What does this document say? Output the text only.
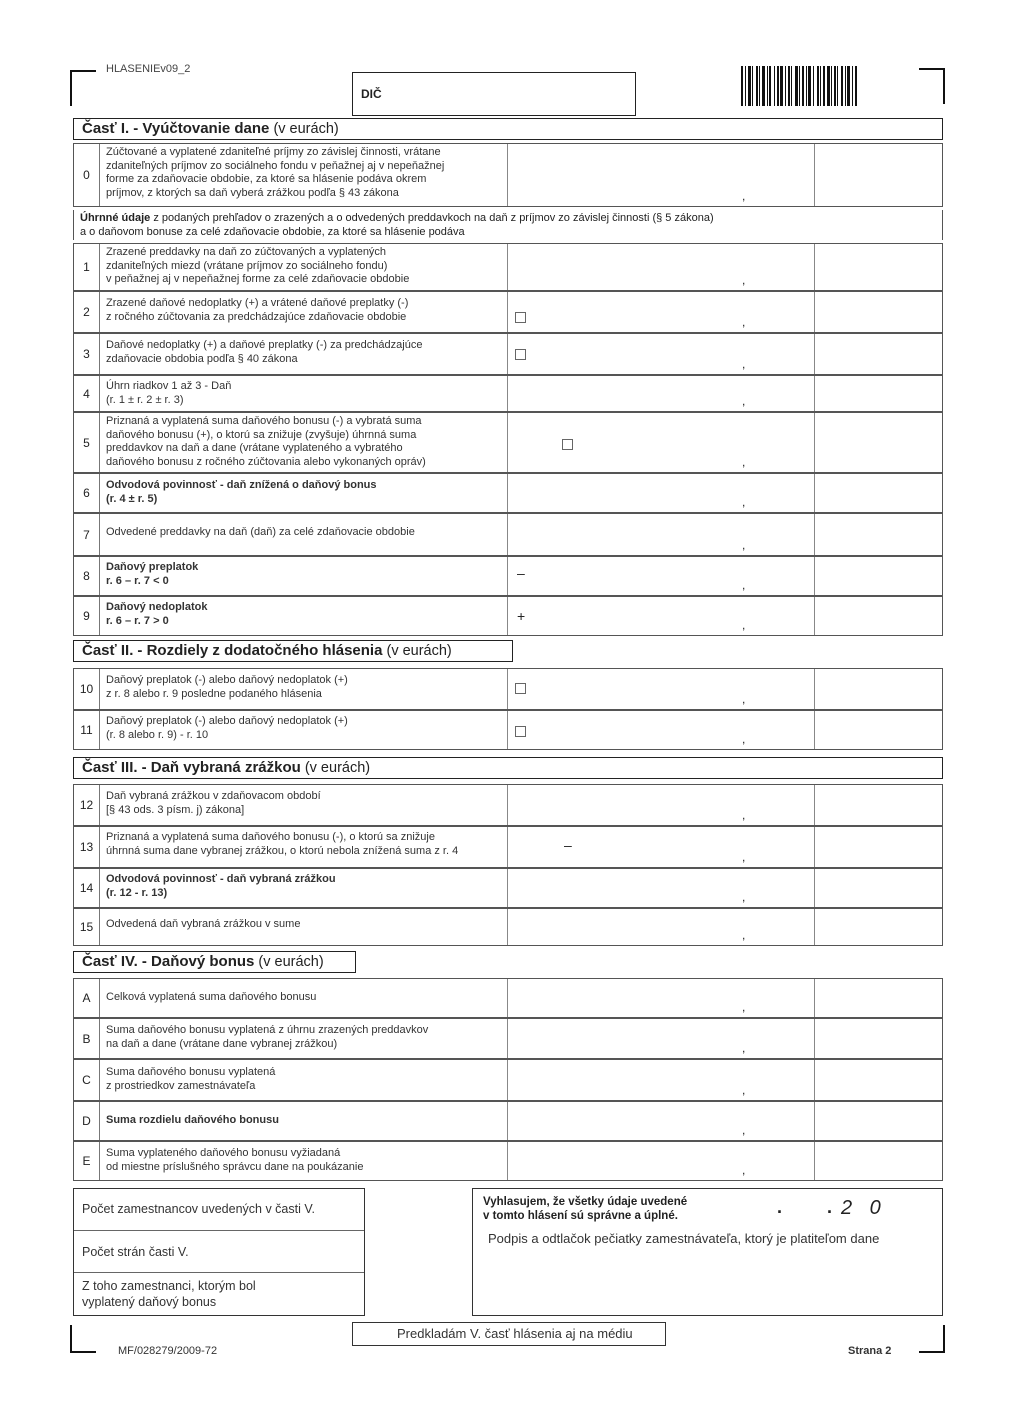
HLASENIEv09_2
DIČ
Časť I. - Vyúčtovanie dane (v eurách)
0
Zúčtované a vyplatené zdaniteľné príjmy zo závislej činnosti, vrátane
zdaniteľných príjmov zo sociálneho fondu v peňažnej aj v nepeňažnej
forme za zdaňovacie obdobie, za ktoré sa hlásenie podáva okrem
príjmov, z ktorých sa daň vyberá zrážkou podľa § 43 zákona	,
Úhrnné údaje z podaných prehľadov o zrazených a o odvedených preddavkoch na daň z príjmov zo závislej činnosti (§ 5 zákona)
a o daňovom bonuse za celé zdaňovacie obdobie, za ktoré sa hlásenie podáva
1
Zrazené preddavky na daň zo zúčtovaných a vyplatených
zdaniteľných miezd (vrátane príjmov zo sociálneho fondu)
v peňažnej aj v nepeňažnej forme za celé zdaňovacie obdobie	,
2
Zrazené daňové nedoplatky (+) a vrátené daňové preplatky (-)
z ročného zúčtovania za predchádzajúce zdaňovacie obdobie	,
3
Daňové nedoplatky (+) a daňové preplatky (-) za predchádzajúce
zdaňovacie obdobia podľa § 40 zákona	,
4
Úhrn riadkov 1 až 3 - Daň
(r. 1 ± r. 2 ± r. 3)	,
5
Priznaná a vyplatená suma daňového bonusu (-) a vybratá suma
daňového bonusu (+), o ktorú sa znižuje (zvyšuje) úhrnná suma
preddavkov na daň a dane (vrátane vyplateného a vybratého
daňového bonusu z ročného zúčtovania alebo vykonaných opráv)	,
6
Odvodová povinnosť - daň znížená o daňový bonus
(r. 4 ± r. 5)	,
7	Odvedené preddavky na daň (daň) za celé zdaňovacie obdobie
,
8
Daňový preplatok
r. 6 – r. 7 < 0	–
,
9
Daňový nedoplatok
r. 6 – r. 7 > 0	+
,
Časť II. - Rozdiely z dodatočného hlásenia (v eurách)
10
Daňový preplatok (-) alebo daňový nedoplatok (+)
z r. 8 alebo r. 9 posledne podaného hlásenia	,
11
Daňový preplatok (-) alebo daňový nedoplatok (+)
(r. 8 alebo r. 9) - r. 10	,
Časť III. - Daň vybraná zrážkou (v eurách)
12
Daň vybraná zrážkou v zdaňovacom období
[§ 43 ods. 3 písm. j) zákona]	,
13
Priznaná a vyplatená suma daňového bonusu (-), o ktorú sa znižuje
úhrnná suma dane vybranej zrážkou, o ktorú nebola znížená suma z r. 4	–
,
14
Odvodová povinnosť - daň vybraná zrážkou
(r. 12 - r. 13)	,
15	Odvedená daň vybraná zrážkou v sume
,
Časť IV. - Daňový bonus (v eurách)
A	Celková vyplatená suma daňového bonusu
,
B
Suma daňového bonusu vyplatená z úhrnu zrazených preddavkov
na daň a dane (vrátane dane vybranej zrážkou)	,
C
Suma daňového bonusu vyplatená
z prostriedkov zamestnávateľa	,
D	Suma rozdielu daňového bonusu
,
E
Suma vyplateného daňového bonusu vyžiadaná
od miestne príslušného správcu dane na poukázanie	,
Počet zamestnancov uvedených v časti V.
Počet strán časti V.
Z toho zamestnanci, ktorým bol
vyplatený daňový bonus
Vyhlasujem, že všetky údaje uvedené
v tomto hlásení sú správne a úplné.	. . 2 0
Podpis a odtlačok pečiatky zamestnávateľa, ktorý je platiteľom dane
Predkladám V. časť hlásenia aj na médiu
MF/028279/2009-72	Strana 2
